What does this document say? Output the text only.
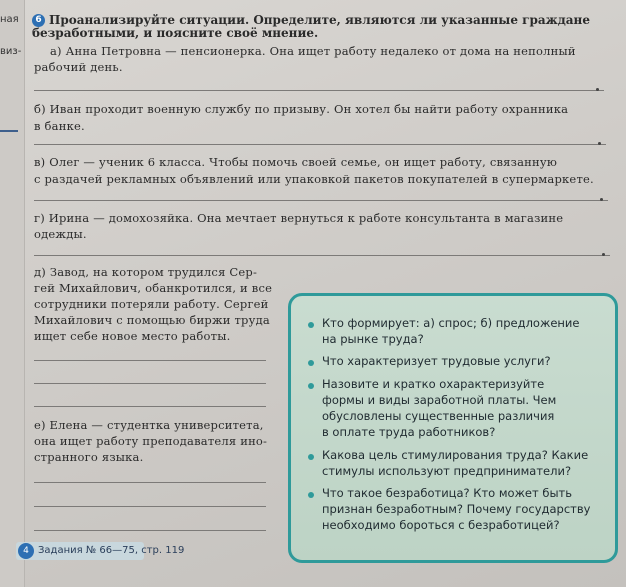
ная
виз-
6 Проанализируйте ситуации. Определите, являются ли указанные граждане безработными, и поясните своё мнение.
а) Анна Петровна — пенсионерка. Она ищет работу недалеко от дома на неполный
рабочий день.
б) Иван проходит военную службу по призыву. Он хотел бы найти работу охранника
в банке.
в) Олег — ученик 6 класса. Чтобы помочь своей семье, он ищет работу, связанную
с раздачей рекламных объявлений или упаковкой пакетов покупателей в супермаркете.
г) Ирина — домохозяйка. Она мечтает вернуться к работе консультанта в магазине
одежды.
д) Завод, на котором трудился Сер-
гей Михайлович, обанкротился, и все
сотрудники потеряли работу. Сергей
Михайлович с помощью биржи труда
ищет себе новое место работы.
е) Елена — студентка университета,
она ищет работу преподавателя ино-
странного языка.
Кто формирует: а) спрос; б) предложение
на рынке труда?
Что характеризует трудовые услуги?
Назовите и кратко охарактеризуйте
формы и виды заработной платы. Чем
обусловлены существенные различия
в оплате труда работников?
Какова цель стимулирования труда? Какие
стимулы используют предприниматели?
Что такое безработица? Кто может быть
признан безработным? Почему государству
необходимо бороться с безработицей?
4 Задания № 66—75, стр. 119
